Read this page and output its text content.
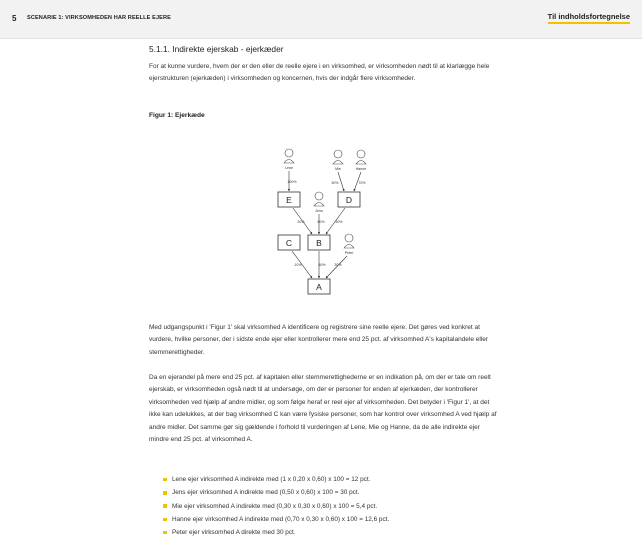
5 SCENARIE 1: VIRKSOMHEDEN HAR REELLE EJERE	Til indholdsfortegnelse
5.1.1. Indirekte ejerskab - ejerkæder

For at kunne vurdere, hvem der er den eller de reelle ejere i en virksomhed, er virksomheden nødt til at klarlægge hele ejerstrukturen (ejerkæden) i virksomheden og koncernen, hvis der indgår flere virksomheder.

Figur 1: Ejerkæde
Lene	Mie	Hanne
Jens
Peter
100%	30%	70%
E	D
20%	50%	30%
C	B
10%	60% 30%
A

Med udgangspunkt i 'Figur 1' skal virksomhed A identificere og registrere sine reelle ejere. Det gøres ved konkret at vurdere, hvilke personer, der i sidste ende ejer eller kontrollerer mere end 25 pct. af virksomhed A's kapitalandele eller stemmerettigheder.

Da en ejerandel på mere end 25 pct. af kapitalen eller stemmerettighederne er en indikation på, om der er tale om reelt ejerskab, er virksomheden også nødt til at undersøge, om der er personer for enden af ejerkæden, der kontrollerer virksomheden ved hjælp af andre midler, og som følge heraf er reel ejer af virksomheden. Det betyder i 'Figur 1', at det ikke kan udelukkes, at der bag virksomhed C kan være fysiske personer, som har kontrol over virksomhed A ved hjælp af andre midler. Det samme gør sig gældende i forhold til vurderingen af Lene, Mie og Hanne, da de alle indirekte ejer mindre end 25 pct. af virksomhed A.

Lene ejer virksomhed A indirekte med (1 x 0,20 x 0,60) x 100 = 12 pct.
Jens ejer virksomhed A indirekte med (0,50 x 0,60) x 100 = 30 pct.
Mie ejer virksomhed A indirekte med (0,30 x 0,30 x 0,60) x 100 = 5,4 pct.
Hanne ejer virksomhed A indirekte med (0,70 x 0,30 x 0,60) x 100 = 12,6 pct.
Peter ejer virksomhed A direkte med 30 pct.
